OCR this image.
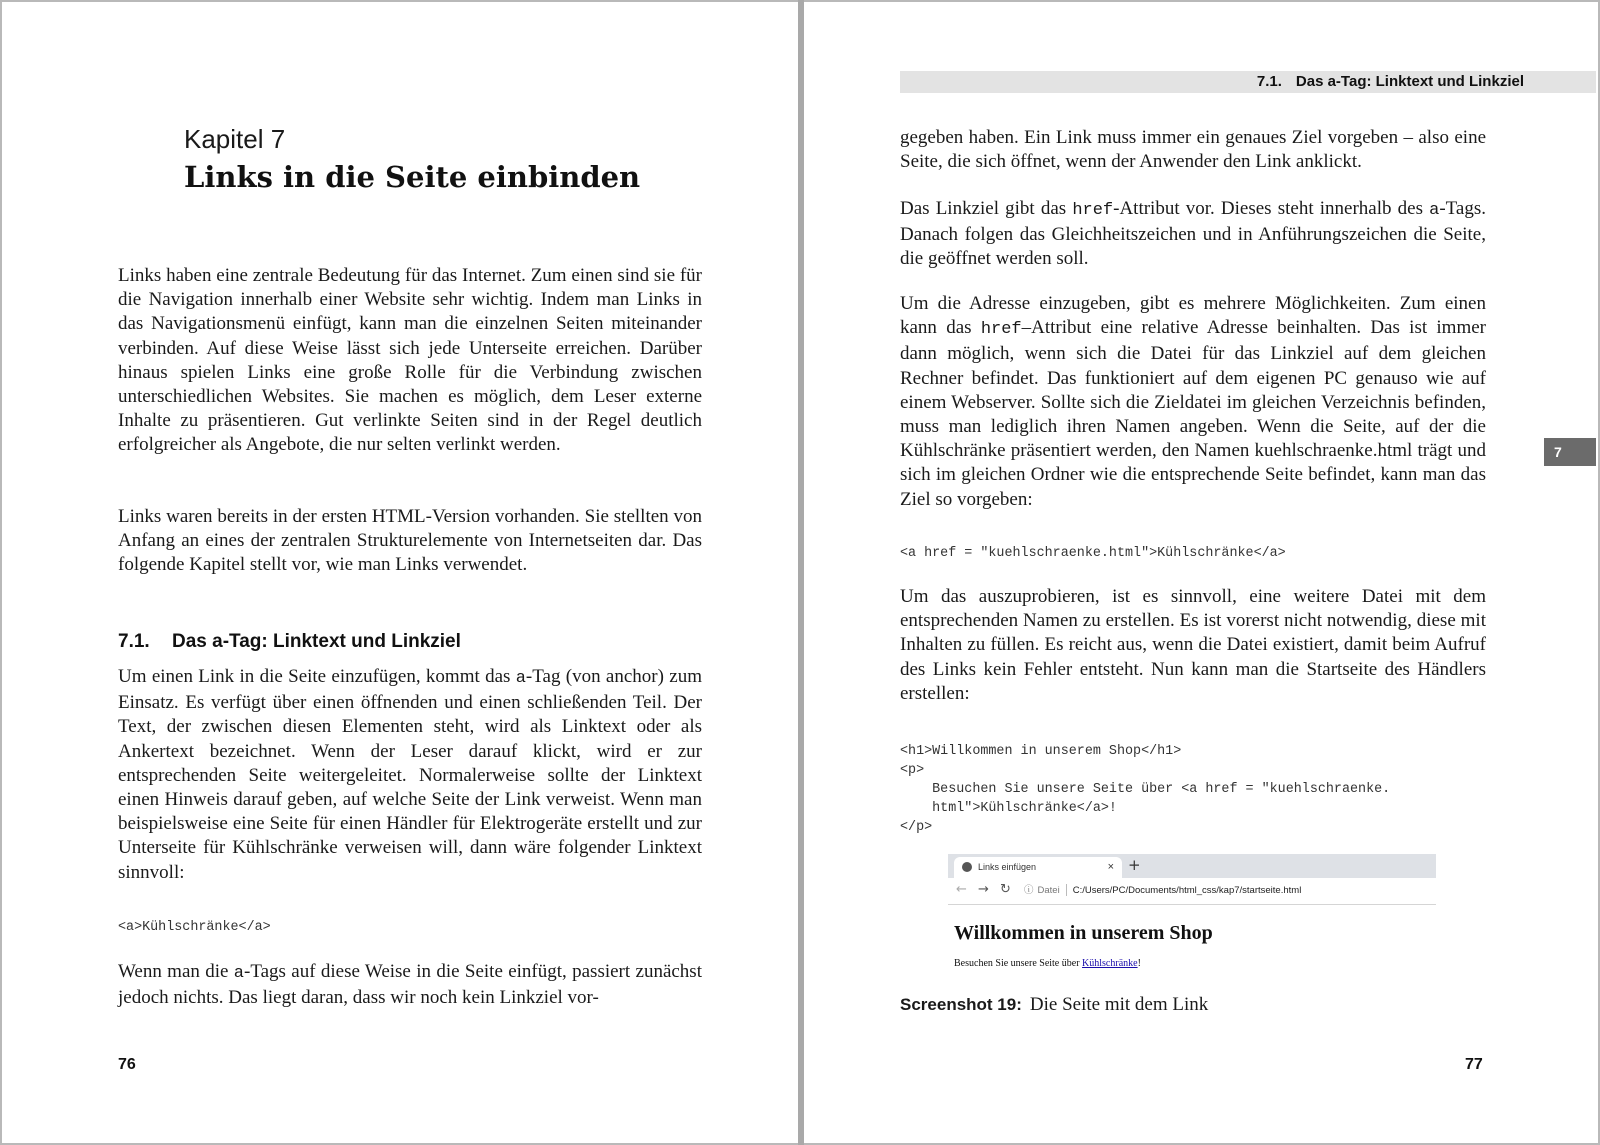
Kapitel 7
Links in die Seite einbinden

Links haben eine zentrale Bedeutung für das Internet. Zum einen sind sie für die Navigation innerhalb einer Website sehr wichtig. Indem man Links in das Navigationsmenü einfügt, kann man die einzelnen Seiten miteinander verbinden. Auf diese Weise lässt sich jede Unterseite erreichen. Darüber hinaus spielen Links eine große Rolle für die Verbindung zwischen unterschiedlichen Websites. Sie machen es möglich, dem Leser externe Inhalte zu präsentieren. Gut verlinkte Seiten sind in der Regel deutlich erfolgreicher als Angebote, die nur selten verlinkt werden.

Links waren bereits in der ersten HTML-Version vorhanden. Sie stellten von Anfang an eines der zentralen Strukturelemente von Internetseiten dar. Das folgende Kapitel stellt vor, wie man Links verwendet.

7.1. Das a-Tag: Linktext und Linkziel

Um einen Link in die Seite einzufügen, kommt das a-Tag (von anchor) zum Einsatz. Es verfügt über einen öffnenden und einen schließenden Teil. Der Text, der zwischen diesen Elementen steht, wird als Linktext oder als Ankertext bezeichnet. Wenn der Leser darauf klickt, wird er zur entsprechenden Seite weitergeleitet. Normalerweise sollte der Linktext einen Hinweis darauf geben, auf welche Seite der Link verweist. Wenn man beispielsweise eine Seite für einen Händler für Elektrogeräte erstellt und zur Unterseite für Kühlschränke verweisen will, dann wäre folgender Linktext sinnvoll:

<a>Kühlschränke</a>

Wenn man die a-Tags auf diese Weise in die Seite einfügt, passiert zunächst jedoch nichts. Das liegt daran, dass wir noch kein Linkziel vor-

76
7.1. Das a-Tag: Linktext und Linkziel

gegeben haben. Ein Link muss immer ein genaues Ziel vorgeben – also eine Seite, die sich öffnet, wenn der Anwender den Link anklickt.

Das Linkziel gibt das href-Attribut vor. Dieses steht innerhalb des a-Tags. Danach folgen das Gleichheitszeichen und in Anführungszeichen die Seite, die geöffnet werden soll.

Um die Adresse einzugeben, gibt es mehrere Möglichkeiten. Zum einen kann das href–Attribut eine relative Adresse beinhalten. Das ist immer dann möglich, wenn sich die Datei für das Linkziel auf dem gleichen Rechner befindet. Das funktioniert auf dem eigenen PC genauso wie auf einem Webserver. Sollte sich die Zieldatei im gleichen Verzeichnis befinden, muss man lediglich ihren Namen angeben. Wenn die Seite, auf der die Kühlschränke präsentiert werden, den Namen kuehlschraenke.html trägt und sich im gleichen Ordner wie die entsprechende Seite befindet, kann man das Ziel so vorgeben:

<a href = "kuehlschraenke.html">Kühlschränke</a>

Um das auszuprobieren, ist es sinnvoll, eine weitere Datei mit dem entsprechenden Namen zu erstellen. Es ist vorerst nicht notwendig, diese mit Inhalten zu füllen. Es reicht aus, wenn die Datei existiert, damit beim Aufruf des Links kein Fehler entsteht. Nun kann man die Startseite des Händlers erstellen:

<h1>Willkommen in unserem Shop</h1>
<p>
Besuchen Sie unsere Seite über <a href = "kuehlschraenke.
html">Kühlschränke</a>!
</p>
Links einfügen	× +
← → ↻ ⓘ Datei C:/Users/PC/Documents/html_css/kap7/startseite.html
Willkommen in unserem Shop
Besuchen Sie unsere Seite über Kühlschränke!
Screenshot 19: Die Seite mit dem Link
7
77
